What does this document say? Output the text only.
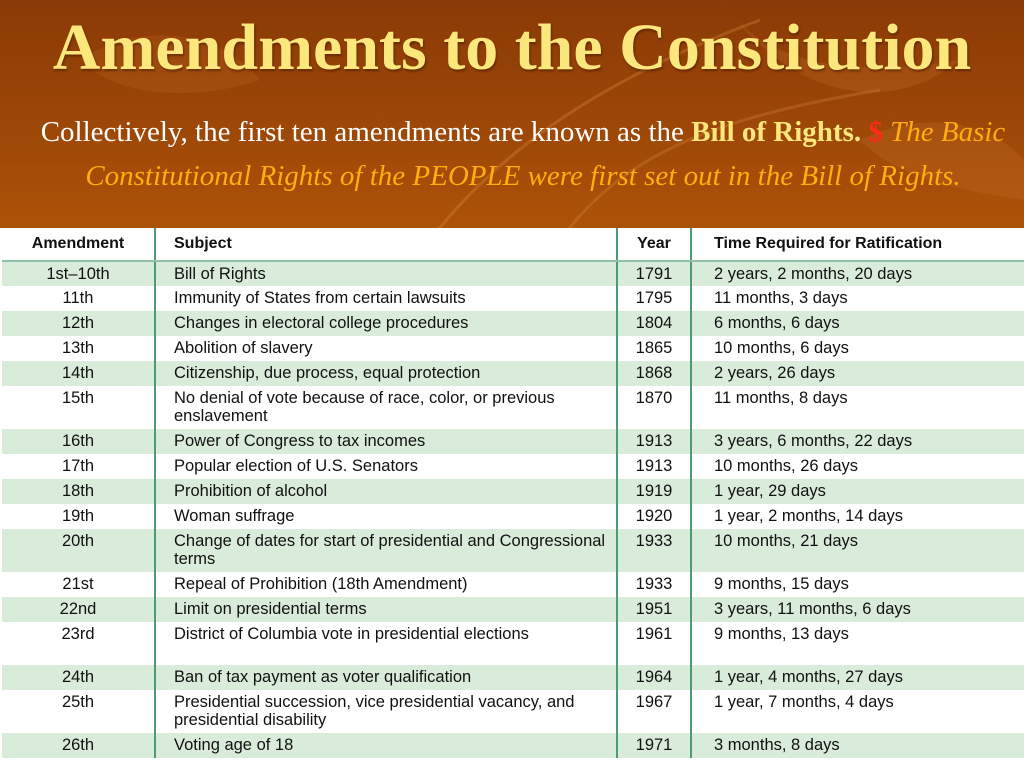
Amendments to the Constitution
Collectively, the first ten amendments are known as the Bill of Rights. $ The Basic Constitutional Rights of the PEOPLE were first set out in the Bill of Rights.
Amendment	Subject	Year	Time Required for Ratification
1st–10th	Bill of Rights	1791	2 years, 2 months, 20 days
11th	Immunity of States from certain lawsuits	1795	11 months, 3 days
12th	Changes in electoral college procedures	1804	6 months, 6 days
13th	Abolition of slavery	1865	10 months, 6 days
14th	Citizenship, due process, equal protection	1868	2 years, 26 days
15th	No denial of vote because of race, color, or previous enslavement	1870	11 months, 8 days
16th	Power of Congress to tax incomes	1913	3 years, 6 months, 22 days
17th	Popular election of U.S. Senators	1913	10 months, 26 days
18th	Prohibition of alcohol	1919	1 year, 29 days
19th	Woman suffrage	1920	1 year, 2 months, 14 days
20th	Change of dates for start of presidential and Congressional terms	1933	10 months, 21 days
21st	Repeal of Prohibition (18th Amendment)	1933	9 months, 15 days
22nd	Limit on presidential terms	1951	3 years, 11 months, 6 days
23rd	District of Columbia vote in presidential elections	1961	9 months, 13 days
24th	Ban of tax payment as voter qualification	1964	1 year, 4 months, 27 days
25th	Presidential succession, vice presidential vacancy, and presidential disability	1967	1 year, 7 months, 4 days
26th	Voting age of 18	1971	3 months, 8 days
